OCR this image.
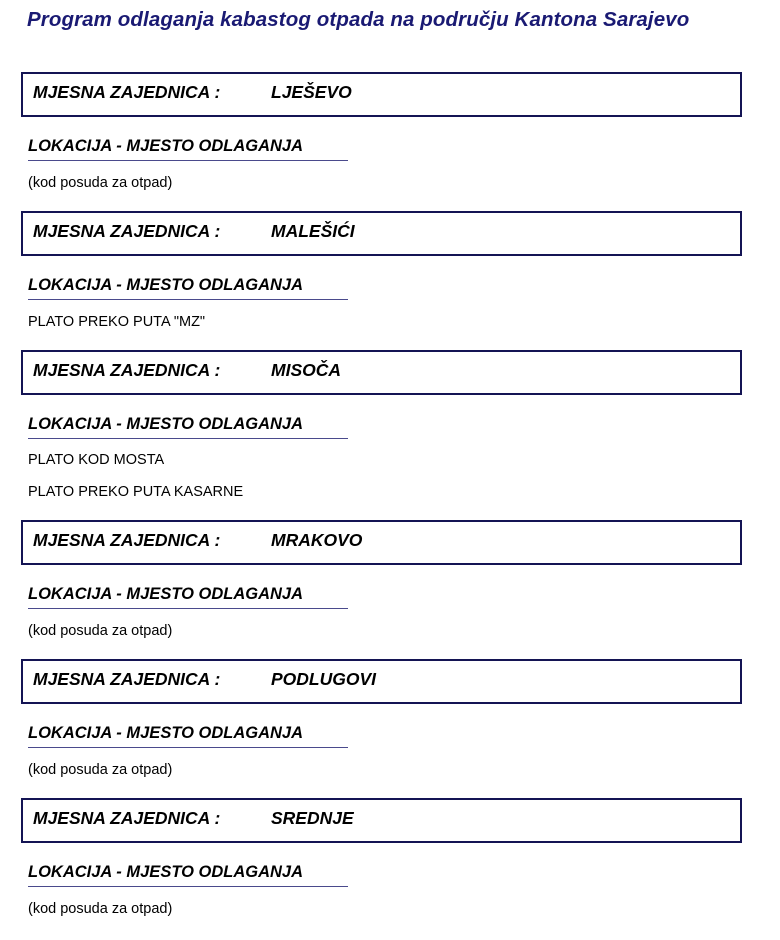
Program odlaganja kabastog otpada na području Kantona Sarajevo
MJESNA ZAJEDNICA :	LJEŠEVO
LOKACIJA - MJESTO ODLAGANJA
(kod posuda za otpad)
MJESNA ZAJEDNICA :	MALEŠIĆI
LOKACIJA - MJESTO ODLAGANJA
PLATO PREKO PUTA "MZ"
MJESNA ZAJEDNICA :	MISOČA
LOKACIJA - MJESTO ODLAGANJA
PLATO KOD MOSTA
PLATO PREKO PUTA KASARNE
MJESNA ZAJEDNICA :	MRAKOVO
LOKACIJA - MJESTO ODLAGANJA
(kod posuda za otpad)
MJESNA ZAJEDNICA :	PODLUGOVI
LOKACIJA - MJESTO ODLAGANJA
(kod posuda za otpad)
MJESNA ZAJEDNICA :	SREDNJE
LOKACIJA - MJESTO ODLAGANJA
(kod posuda za otpad)
